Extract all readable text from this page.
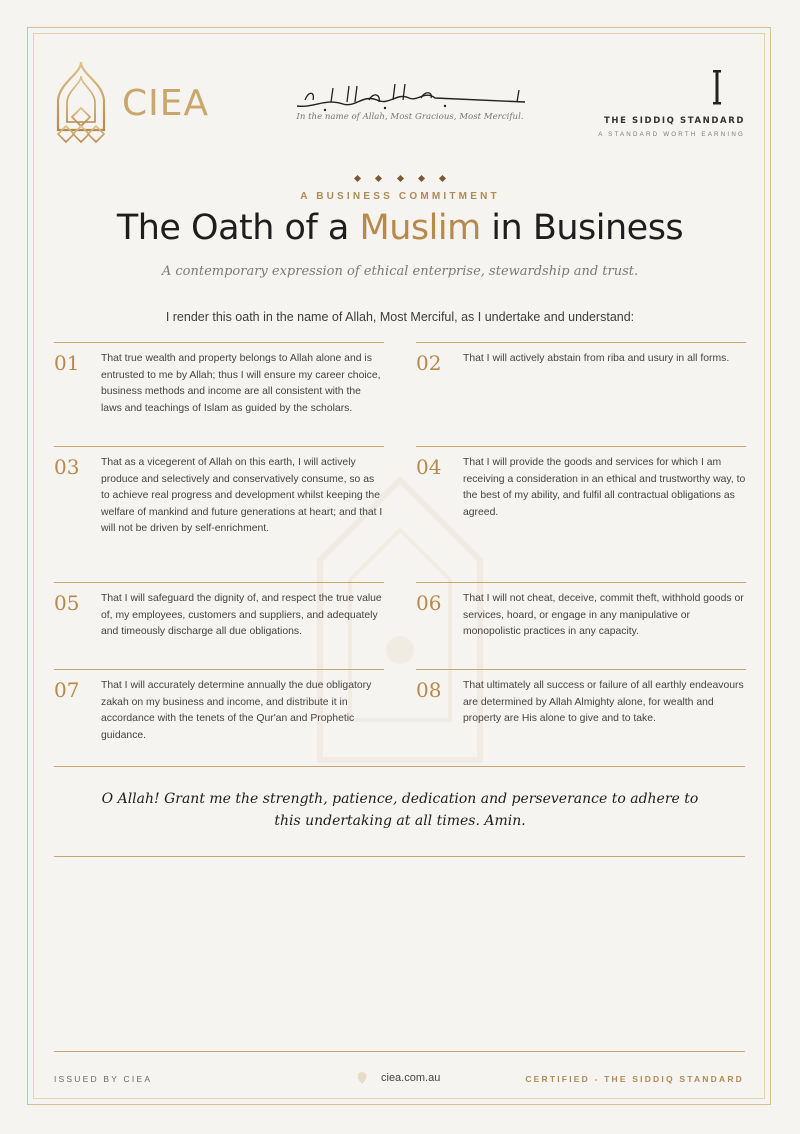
CIEA	In the name of Allah, Most Gracious, Most Merciful.	THE SIDDIQ STANDARD
A STANDARD WORTH EARNING

A BUSINESS COMMITMENT
The Oath of a Muslim in Business
A contemporary expression of ethical enterprise, stewardship and trust.
I render this oath in the name of Allah, Most Merciful, as I undertake and understand:
01	That true wealth and property belongs to Allah alone and is entrusted to me by Allah; thus I will ensure my career choice, business methods and income are all consistent with the laws and teachings of Islam as guided by the scholars.
02	That I will actively abstain from riba and usury in all forms.
03	That as a vicegerent of Allah on this earth, I will actively produce and selectively and conservatively consume, so as to achieve real progress and development whilst keeping the welfare of mankind and future generations at heart; and that I will not be driven by self-enrichment.
04	That I will provide the goods and services for which I am receiving a consideration in an ethical and trustworthy way, to the best of my ability, and fulfil all contractual obligations as agreed.
05	That I will safeguard the dignity of, and respect the true value of, my employees, customers and suppliers, and adequately and timeously discharge all due obligations.
06	That I will not cheat, deceive, commit theft, withhold goods or services, hoard, or engage in any manipulative or monopolistic practices in any capacity.
07	That I will accurately determine annually the due obligatory zakah on my business and income, and distribute it in accordance with the tenets of the Qur'an and Prophetic guidance.
08	That ultimately all success or failure of all earthly endeavours are determined by Allah Almighty alone, for wealth and property are His alone to give and to take.
O Allah! Grant me the strength, patience, dedication and perseverance to adhere to
this undertaking at all times. Amin.
ISSUED BY CIEA	ciea.com.au	CERTIFIED - THE SIDDIQ STANDARD
